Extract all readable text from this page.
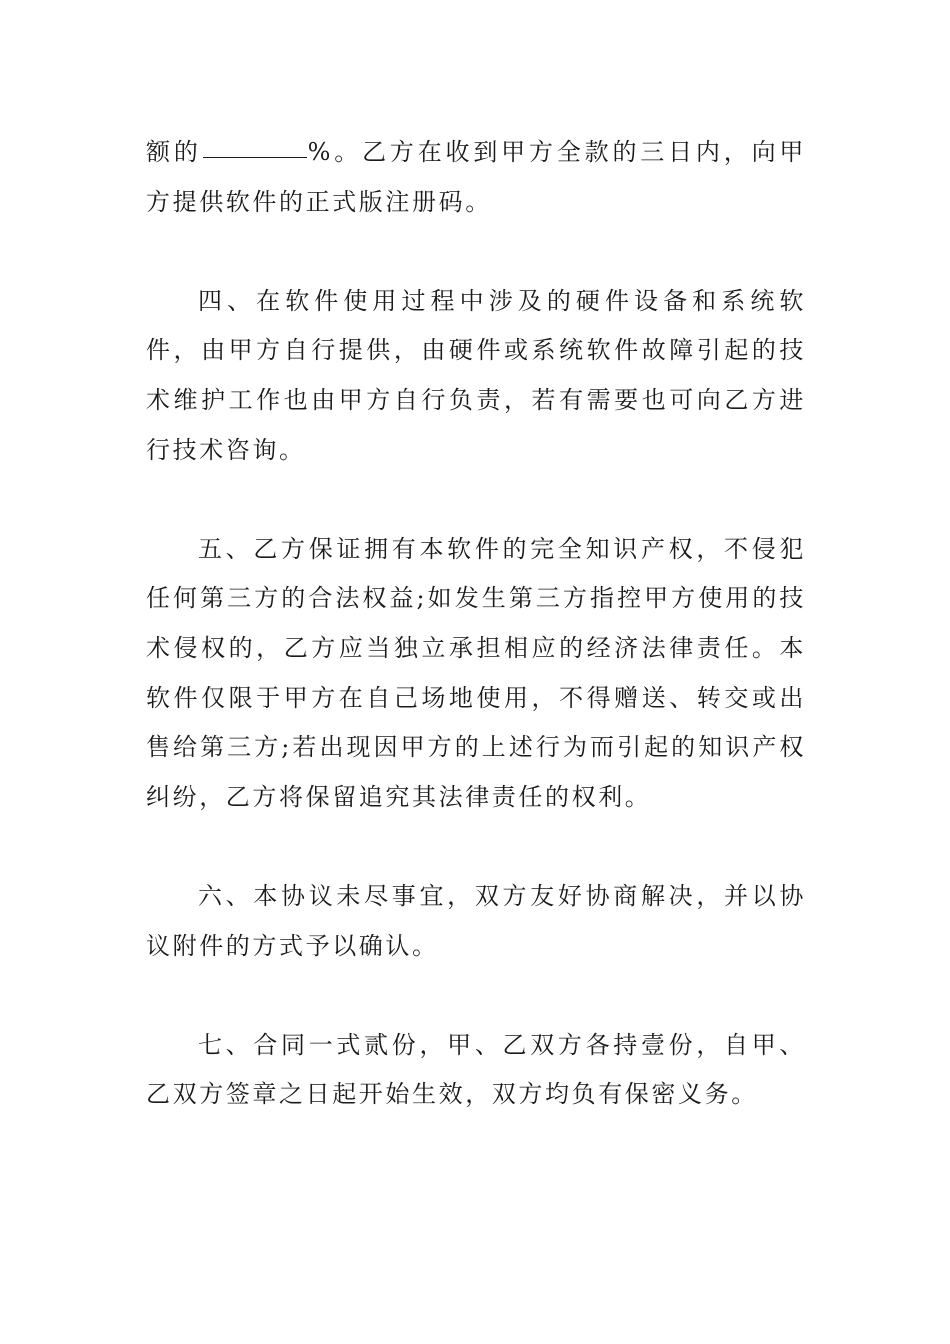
额的	%。乙方在收到甲方全款的三日内，向甲方提供软件的正式版注册码。

四、在软件使用过程中涉及的硬件设备和系统软件，由甲方自行提供，由硬件或系统软件故障引起的技术维护工作也由甲方自行负责，若有需要也可向乙方进行技术咨询。

五、乙方保证拥有本软件的完全知识产权，不侵犯任何第三方的合法权益;如发生第三方指控甲方使用的技术侵权的，乙方应当独立承担相应的经济法律责任。本软件仅限于甲方在自己场地使用，不得赠送、转交或出售给第三方;若出现因甲方的上述行为而引起的知识产权纠纷，乙方将保留追究其法律责任的权利。

六、本协议未尽事宜，双方友好协商解决，并以协议附件的方式予以确认。

七、合同一式贰份，甲、乙双方各持壹份，自甲、乙双方签章之日起开始生效，双方均负有保密义务。
